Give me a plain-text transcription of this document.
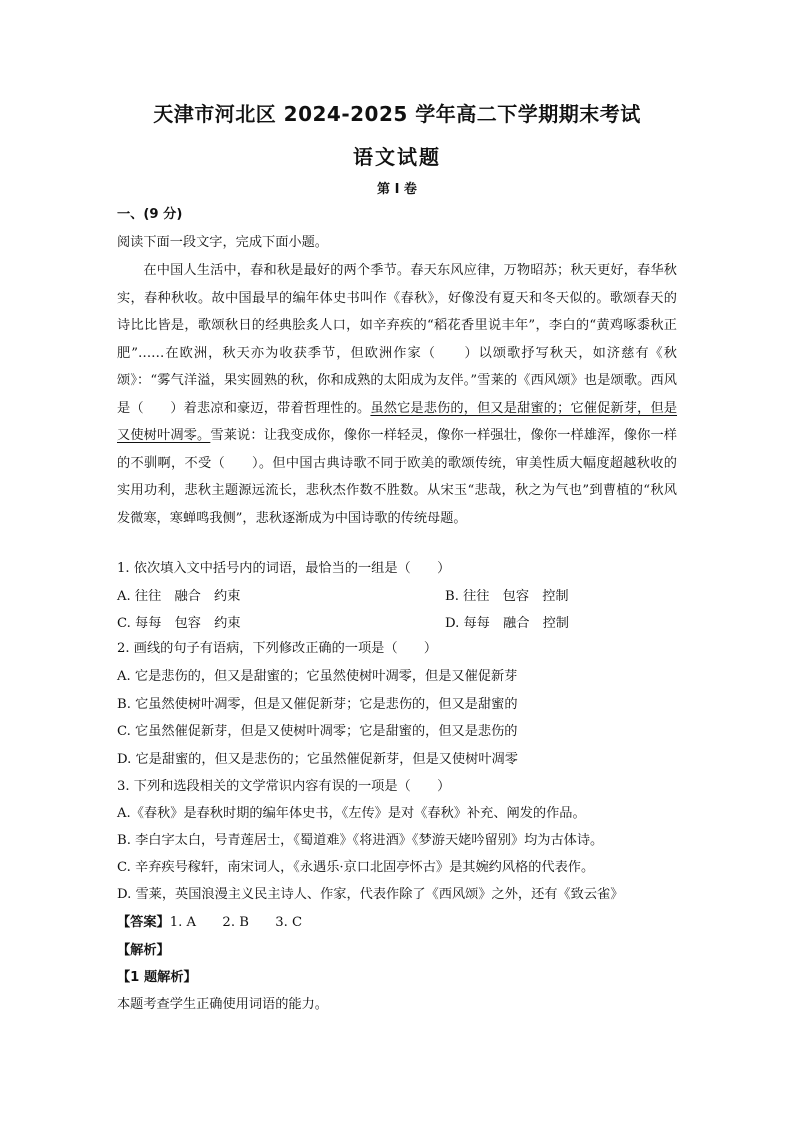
天津市河北区 2024-2025 学年高二下学期期末考试
语文试题
第 I 卷
一、(9 分)
阅读下面一段文字，完成下面小题。
在中国人生活中，春和秋是最好的两个季节。春天东风应律，万物昭苏；秋天更好，春华秋实，春种秋收。故中国最早的编年体史书叫作《春秋》，好像没有夏天和冬天似的。歌颂春天的诗比比皆是，歌颂秋日的经典脍炙人口，如辛弃疾的“稻花香里说丰年”，李白的“黄鸡啄黍秋正肥”……在欧洲，秋天亦为收获季节，但欧洲作家（　　）以颂歌抒写秋天，如济慈有《秋颂》：“雾气洋溢，果实圆熟的秋，你和成熟的太阳成为友伴。”雪莱的《西风颂》也是颂歌。西风是（　　）着悲凉和豪迈，带着哲理性的。虽然它是悲伤的，但又是甜蜜的；它催促新芽，但是又使树叶凋零。雪莱说：让我变成你，像你一样轻灵，像你一样强壮，像你一样雄浑，像你一样的不驯啊，不受（　　）。但中国古典诗歌不同于欧美的歌颂传统，审美性质大幅度超越秋收的实用功利，悲秋主题源远流长，悲秋杰作数不胜数。从宋玉“悲哉，秋之为气也”到曹植的“秋风发微寒，寒蝉鸣我侧”，悲秋逐渐成为中国诗歌的传统母题。
1. 依次填入文中括号内的词语，最恰当的一组是（　　）
A. 往往　融合　约束	B. 往往　包容　控制
C. 每每　包容　约束	D. 每每　融合　控制
2. 画线的句子有语病，下列修改正确的一项是（　　）
A. 它是悲伤的，但又是甜蜜的；它虽然使树叶凋零，但是又催促新芽
B. 它虽然使树叶凋零，但是又催促新芽；它是悲伤的，但又是甜蜜的
C. 它虽然催促新芽，但是又使树叶凋零；它是甜蜜的，但又是悲伤的
D. 它是甜蜜的，但又是悲伤的；它虽然催促新芽，但是又使树叶凋零
3. 下列和选段相关的文学常识内容有误的一项是（　　）
A.《春秋》是春秋时期的编年体史书，《左传》是对《春秋》补充、阐发的作品。
B. 李白字太白，号青莲居士，《蜀道难》《将进酒》《梦游天姥吟留别》均为古体诗。
C. 辛弃疾号稼轩，南宋词人，《永遇乐·京口北固亭怀古》是其婉约风格的代表作。
D. 雪莱，英国浪漫主义民主诗人、作家，代表作除了《西风颂》之外，还有《致云雀》
【答案】1. A　　2. B　　3. C
【解析】
【1 题解析】
本题考查学生正确使用词语的能力。
